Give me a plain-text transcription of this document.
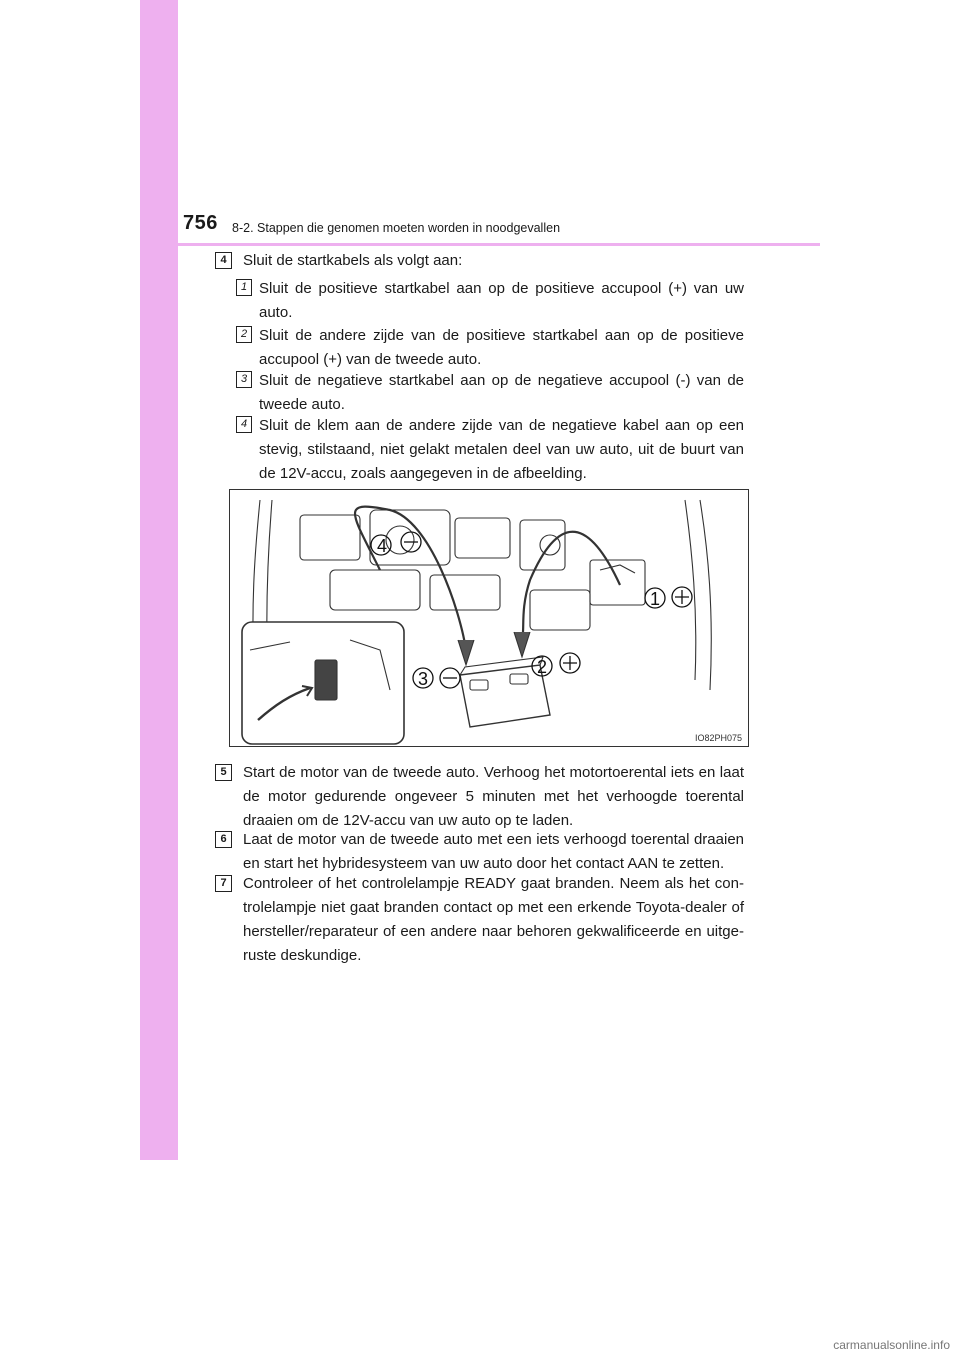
756 8-2. Stappen die genomen moeten worden in noodgevallen
4	Sluit de startkabels als volgt aan:
1 Sluit de positieve startkabel aan op de positieve accupool (+) van uw auto.
2 Sluit de andere zijde van de positieve startkabel aan op de positieve accupool (+) van de tweede auto.
3 Sluit de negatieve startkabel aan op de negatieve accupool (-) van de tweede auto.
4 Sluit de klem aan de andere zijde van de negatieve kabel aan op een stevig, stilstaand, niet gelakt metalen deel van uw auto, uit de buurt van de 12V-accu, zoals aangegeven in de afbeelding.
4
1
2
3
IO82PH075
5	Start de motor van de tweede auto. Verhoog het motortoerental iets en laat de motor gedurende ongeveer 5 minuten met het verhoogde toerental draaien om de 12V-accu van uw auto op te laden.
6	Laat de motor van de tweede auto met een iets verhoogd toerental draaien en start het hybridesysteem van uw auto door het contact AAN te zetten.
7	Controleer of het controlelampje READY gaat branden. Neem als het con-trolelampje niet gaat branden contact op met een erkende Toyota-dealer of hersteller/reparateur of een andere naar behoren gekwalificeerde en uitge-ruste deskundige.
carmanualsonline.info
